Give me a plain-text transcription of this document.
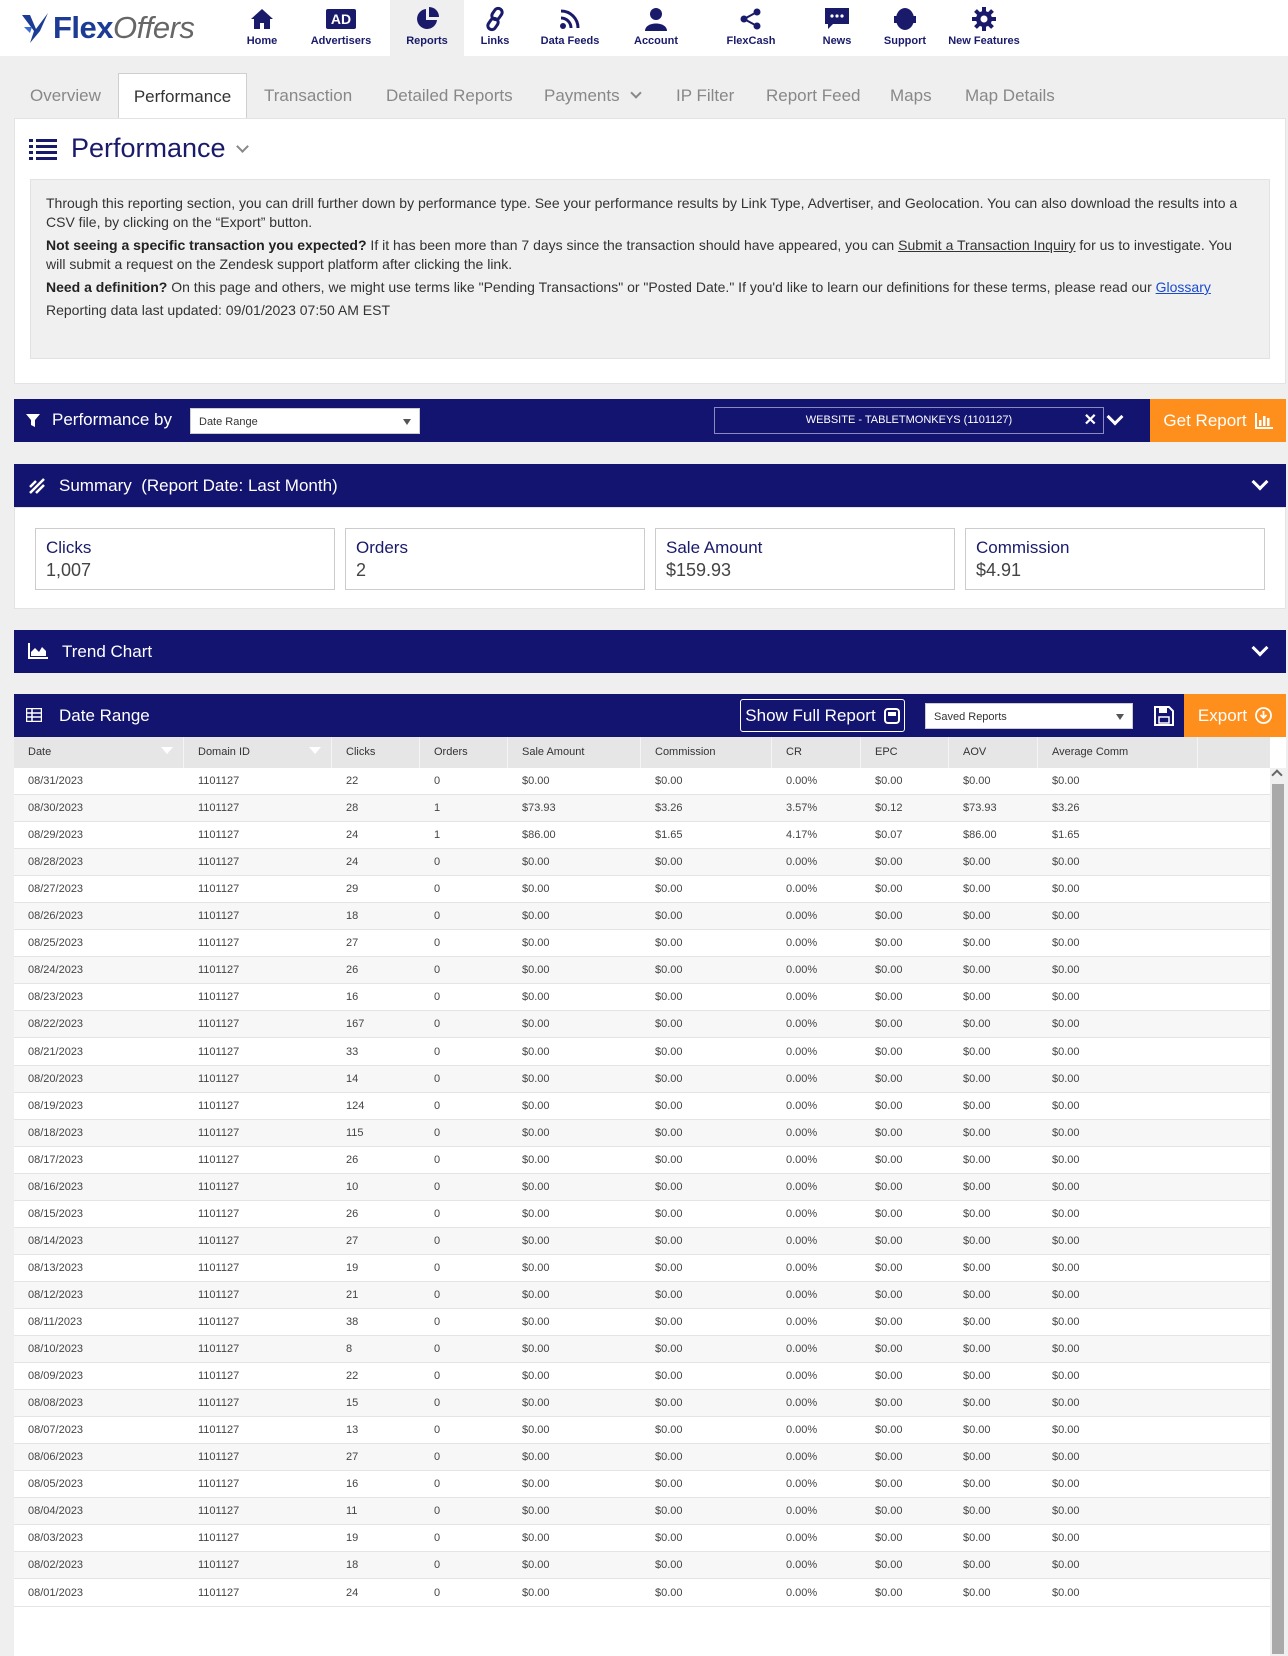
FlexOffers	Home
AD
Advertisers	Reports	Links	Data Feeds	Account	FlexCash	News	Support New Features
Overview	Performance	Transaction Detailed Reports Payments	IP Filter Report Feed Maps Map Details
Performance

Through this reporting section, you can drill further down by performance type. See your performance results by Link Type, Advertiser, and Geolocation. You can also download the results into a CSV file, by clicking on the “Export” button.

Not seeing a specific transaction you expected? If it has been more than 7 days since the transaction should have appeared, you can Submit a Transaction Inquiry for us to investigate. You will submit a request on the Zendesk support platform after clicking the link.

Need a definition? On this page and others, we might use terms like "Pending Transactions" or "Posted Date." If you'd like to learn our definitions for these terms, please read our Glossary

Reporting data last updated: 09/01/2023 07:50 AM EST

Performance by	Date Range	WEBSITE - TABLETMONKEYS (1101127)	✕	Get Report
Summary (Report Date: Last Month)
Clicks
1,007
Orders
2
Sale Amount
$159.93
Commission
$4.91
Trend Chart
Date Range	Show Full Report	Saved Reports	Export
Date	Domain ID	Clicks	Orders	Sale Amount	Commission	CR	EPC	AOV	Average Comm
08/31/2023	1101127	22	0	$0.00	$0.00	0.00%	$0.00	$0.00	$0.00
08/30/2023	1101127	28	1	$73.93	$3.26	3.57%	$0.12	$73.93	$3.26
08/29/2023	1101127	24	1	$86.00	$1.65	4.17%	$0.07	$86.00	$1.65
08/28/2023	1101127	24	0	$0.00	$0.00	0.00%	$0.00	$0.00	$0.00
08/27/2023	1101127	29	0	$0.00	$0.00	0.00%	$0.00	$0.00	$0.00
08/26/2023	1101127	18	0	$0.00	$0.00	0.00%	$0.00	$0.00	$0.00
08/25/2023	1101127	27	0	$0.00	$0.00	0.00%	$0.00	$0.00	$0.00
08/24/2023	1101127	26	0	$0.00	$0.00	0.00%	$0.00	$0.00	$0.00
08/23/2023	1101127	16	0	$0.00	$0.00	0.00%	$0.00	$0.00	$0.00
08/22/2023	1101127	167	0	$0.00	$0.00	0.00%	$0.00	$0.00	$0.00
08/21/2023	1101127	33	0	$0.00	$0.00	0.00%	$0.00	$0.00	$0.00
08/20/2023	1101127	14	0	$0.00	$0.00	0.00%	$0.00	$0.00	$0.00
08/19/2023	1101127	124	0	$0.00	$0.00	0.00%	$0.00	$0.00	$0.00
08/18/2023	1101127	115	0	$0.00	$0.00	0.00%	$0.00	$0.00	$0.00
08/17/2023	1101127	26	0	$0.00	$0.00	0.00%	$0.00	$0.00	$0.00
08/16/2023	1101127	10	0	$0.00	$0.00	0.00%	$0.00	$0.00	$0.00
08/15/2023	1101127	26	0	$0.00	$0.00	0.00%	$0.00	$0.00	$0.00
08/14/2023	1101127	27	0	$0.00	$0.00	0.00%	$0.00	$0.00	$0.00
08/13/2023	1101127	19	0	$0.00	$0.00	0.00%	$0.00	$0.00	$0.00
08/12/2023	1101127	21	0	$0.00	$0.00	0.00%	$0.00	$0.00	$0.00
08/11/2023	1101127	38	0	$0.00	$0.00	0.00%	$0.00	$0.00	$0.00
08/10/2023	1101127	8	0	$0.00	$0.00	0.00%	$0.00	$0.00	$0.00
08/09/2023	1101127	22	0	$0.00	$0.00	0.00%	$0.00	$0.00	$0.00
08/08/2023	1101127	15	0	$0.00	$0.00	0.00%	$0.00	$0.00	$0.00
08/07/2023	1101127	13	0	$0.00	$0.00	0.00%	$0.00	$0.00	$0.00
08/06/2023	1101127	27	0	$0.00	$0.00	0.00%	$0.00	$0.00	$0.00
08/05/2023	1101127	16	0	$0.00	$0.00	0.00%	$0.00	$0.00	$0.00
08/04/2023	1101127	11	0	$0.00	$0.00	0.00%	$0.00	$0.00	$0.00
08/03/2023	1101127	19	0	$0.00	$0.00	0.00%	$0.00	$0.00	$0.00
08/02/2023	1101127	18	0	$0.00	$0.00	0.00%	$0.00	$0.00	$0.00
08/01/2023	1101127	24	0	$0.00	$0.00	0.00%	$0.00	$0.00	$0.00
